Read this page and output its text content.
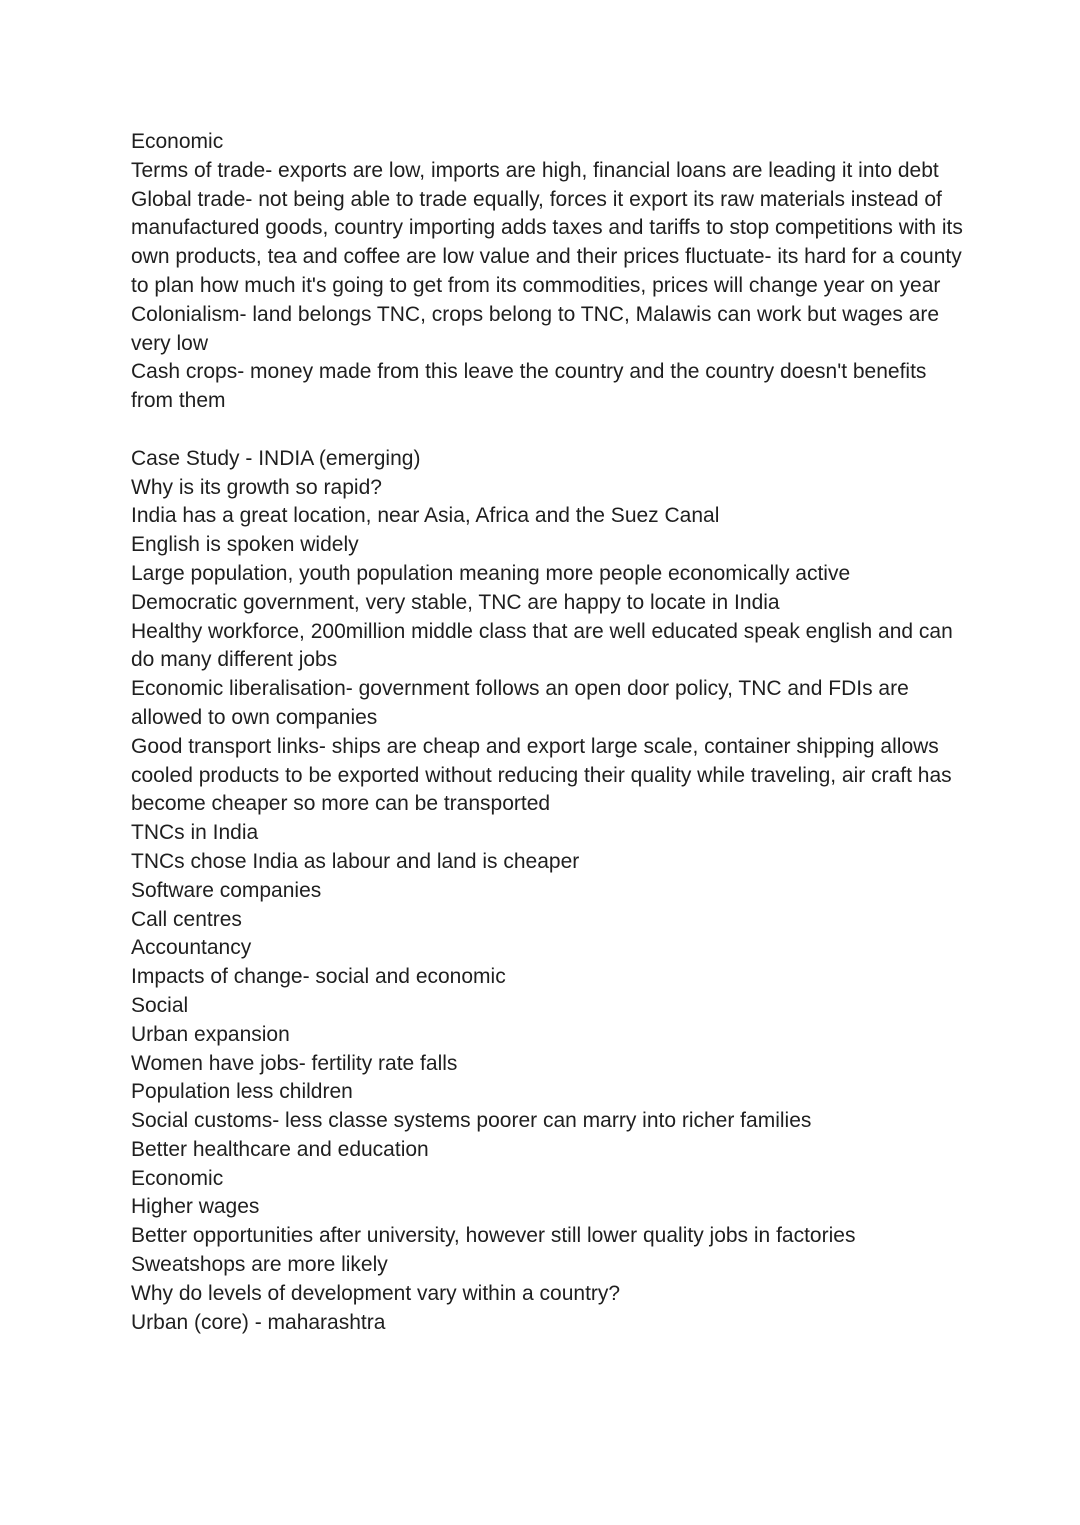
Economic

Terms of trade- exports are low, imports are high, financial loans are leading it into debt

Global trade- not being able to trade equally, forces it export its raw materials instead of manufactured goods, country importing adds taxes and tariffs to stop competitions with its own products, tea and coffee are low value and their prices fluctuate- its hard for a county to plan how much it's going to get from its commodities, prices will change year on year

Colonialism- land belongs TNC, crops belong to TNC, Malawis can work but wages are very low

Cash crops- money made from this leave the country and the country doesn't benefits from them

Case Study - INDIA (emerging)

Why is its growth so rapid?

India has a great location, near Asia, Africa and the Suez Canal

English is spoken widely

Large population, youth population meaning more people economically active

Democratic government, very stable, TNC are happy to locate in India

Healthy workforce, 200million middle class that are well educated speak english and can do many different jobs

Economic liberalisation- government follows an open door policy, TNC and FDIs are allowed to own companies

Good transport links- ships are cheap and export large scale, container shipping allows cooled products to be exported without reducing their quality while traveling, air craft has become cheaper so more can be transported

TNCs in India

TNCs chose India as labour and land is cheaper

Software companies

Call centres

Accountancy

Impacts of change- social and economic

Social

Urban expansion

Women have jobs- fertility rate falls

Population less children

Social customs- less classe systems poorer can marry into richer families

Better healthcare and education

Economic

Higher wages

Better opportunities after university, however still lower quality jobs in factories

Sweatshops are more likely

Why do levels of development vary within a country?

Urban (core) - maharashtra
